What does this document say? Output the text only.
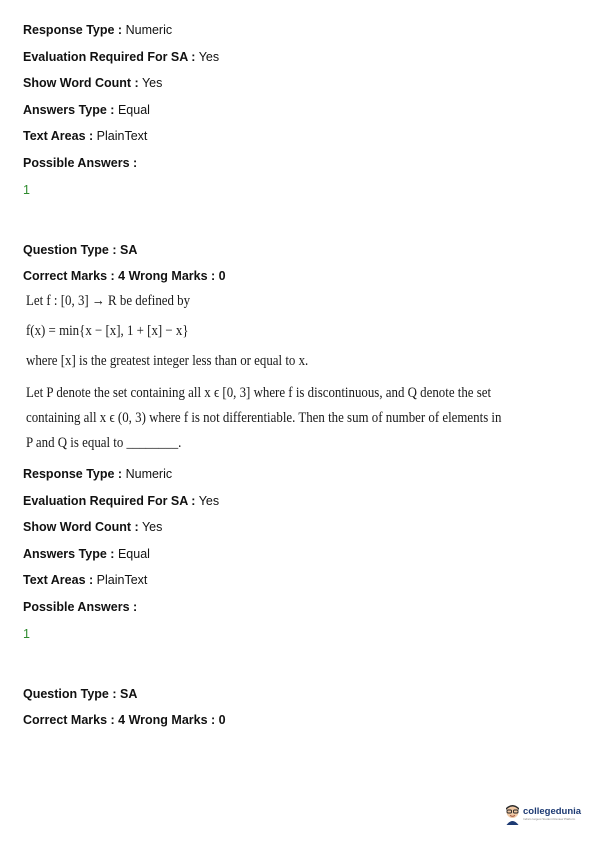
Response Type : Numeric
Evaluation Required For SA : Yes
Show Word Count : Yes
Answers Type : Equal
Text Areas : PlainText
Possible Answers :
1
Question Type : SA
Correct Marks : 4 Wrong Marks : 0
Let f : [0, 3] → R be defined by
f(x) = min{x − [x], 1 + [x] − x}
where [x] is the greatest integer less than or equal to x.
Let P denote the set containing all x ϵ [0, 3] where f is discontinuous, and Q denote the set
containing all x ϵ (0, 3) where f is not differentiable. Then the sum of number of elements in
P and Q is equal to ________.
Response Type : Numeric
Evaluation Required For SA : Yes
Show Word Count : Yes
Answers Type : Equal
Text Areas : PlainText
Possible Answers :
1
Question Type : SA
Correct Marks : 4 Wrong Marks : 0
collegedunia
India's largest Student Review Platform
